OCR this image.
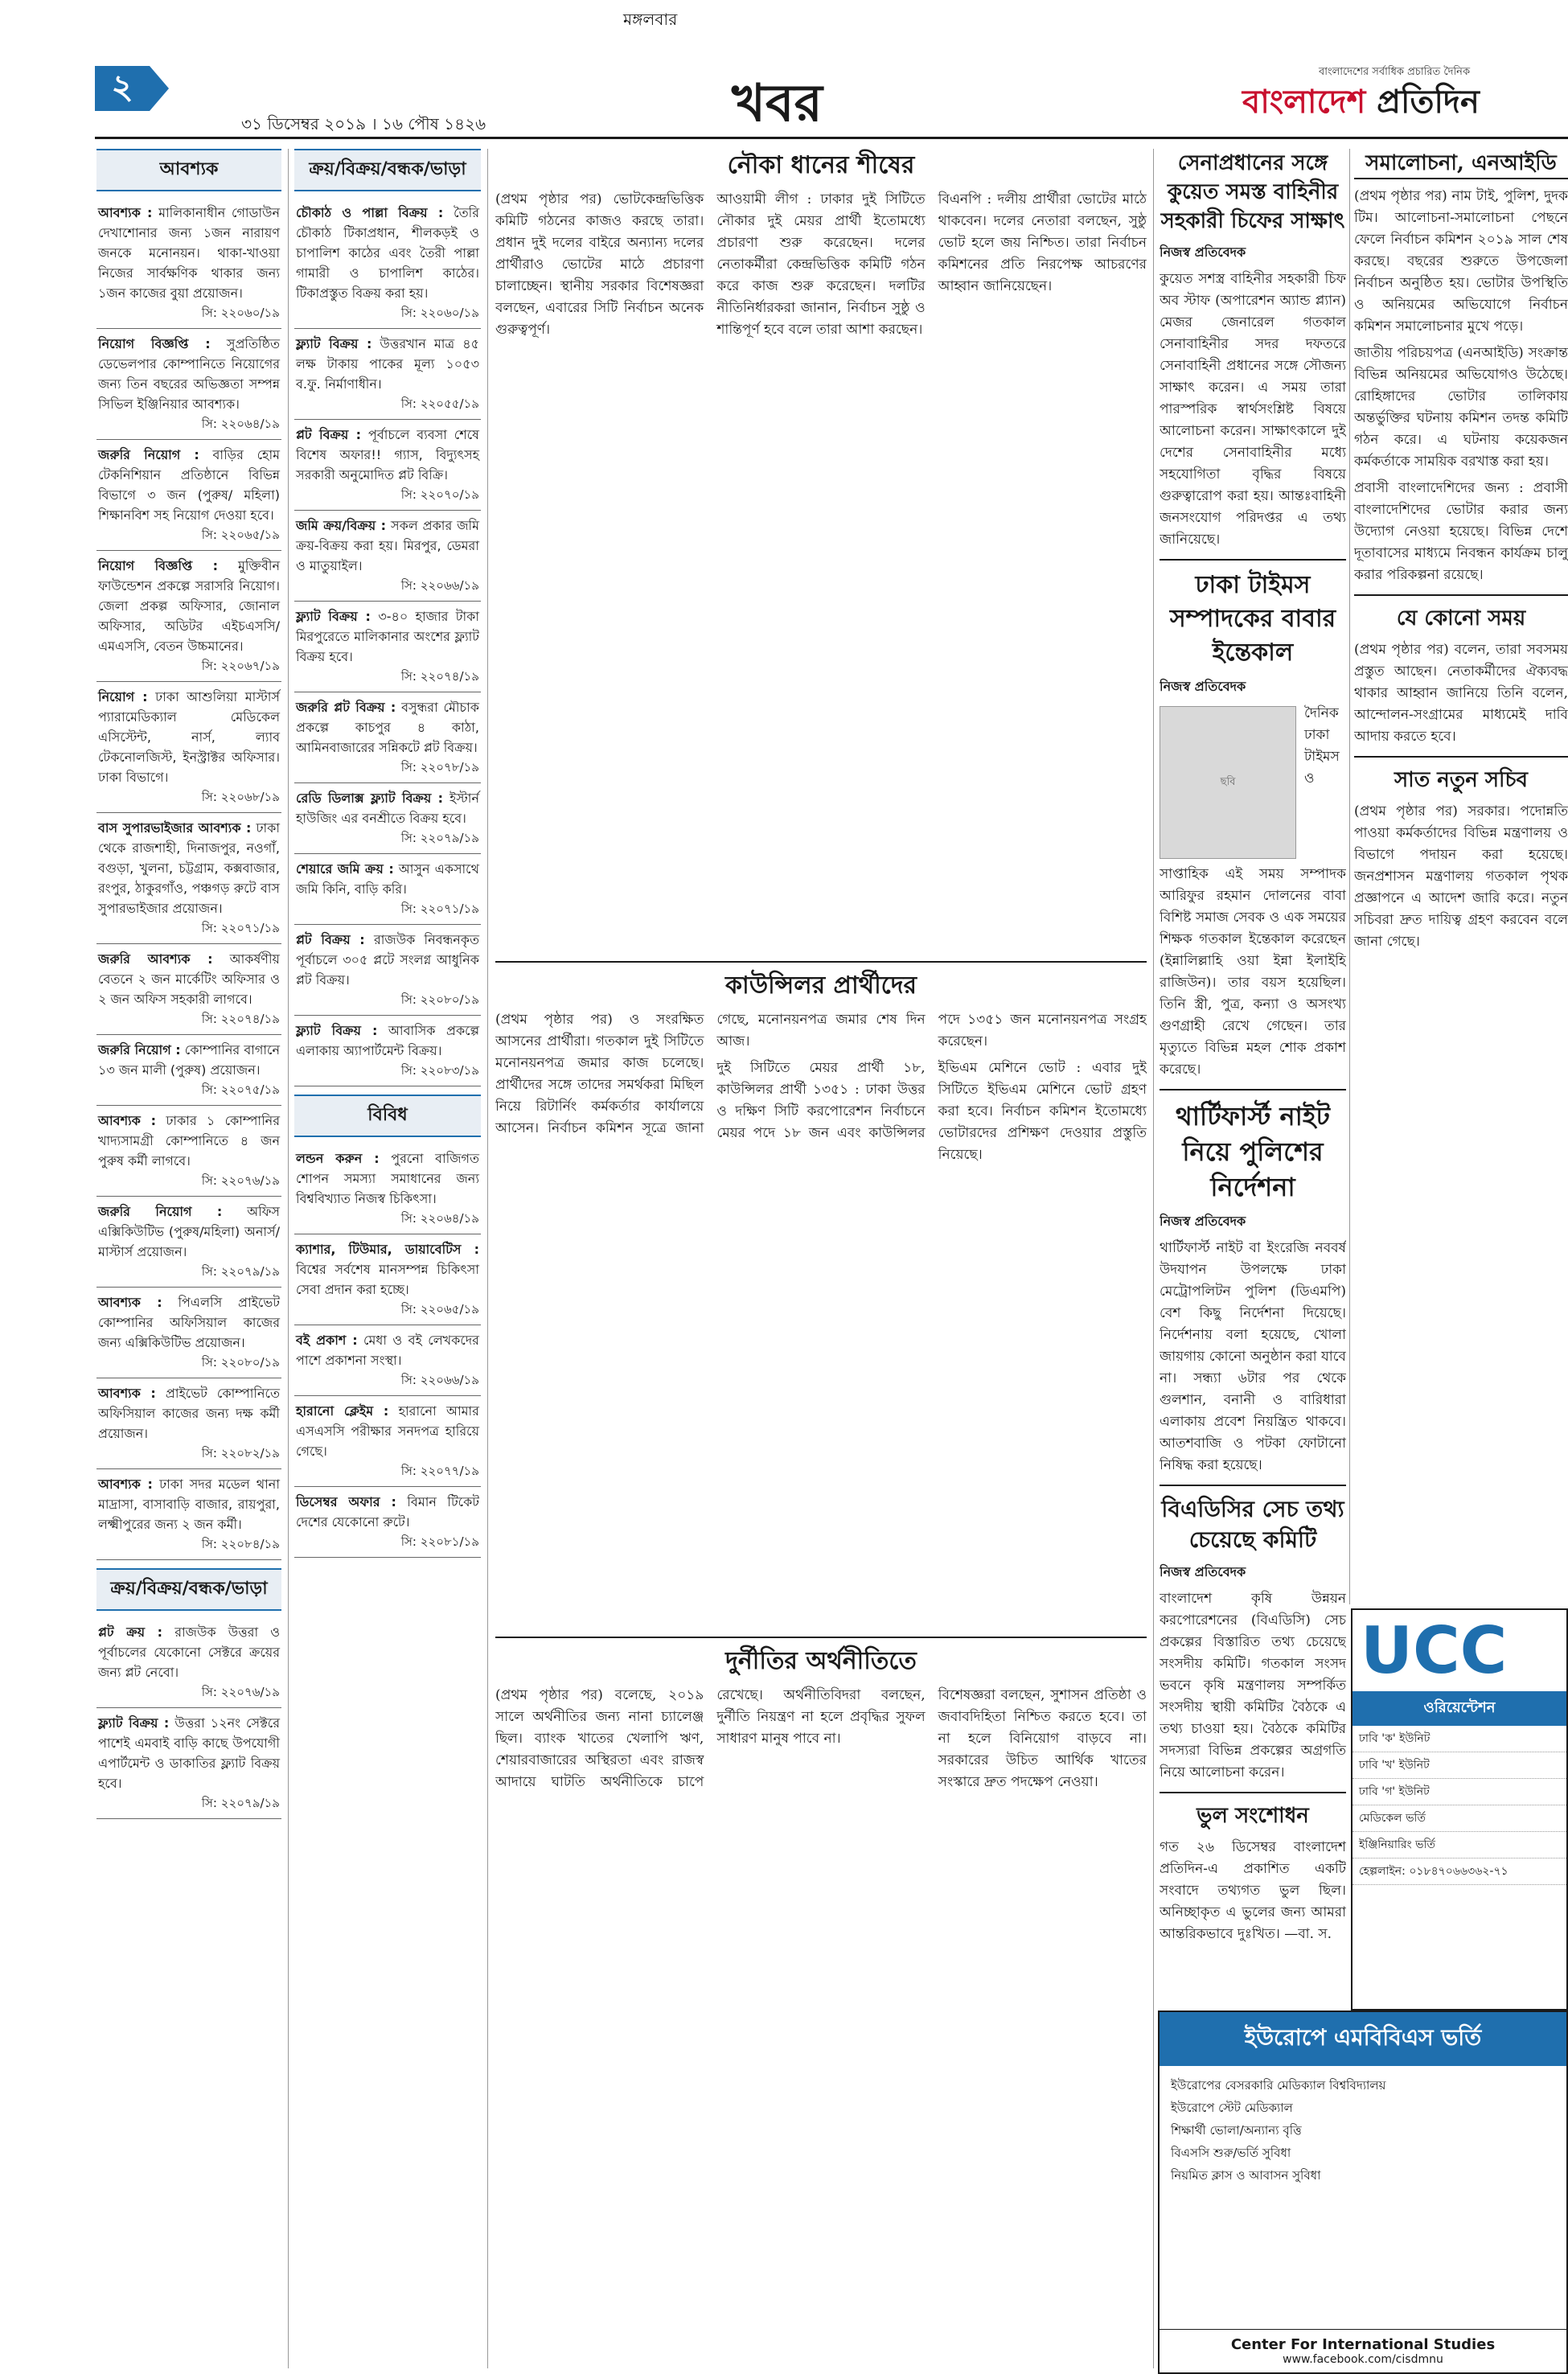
২
মঙ্গলবার
খবর
বাংলাদেশের সর্বাধিক প্রচারিত দৈনিক
বাংলাদেশ প্রতিদিন
৩১ ডিসেম্বর ২০১৯ । ১৬ পৌষ ১৪২৬
আবশ্যক
আবশ্যক : মালিকানাধীন গোডাউন দেখাশোনার জন্য ১জন নারায়ণ জনকে মনোনয়ন। থাকা-খাওয়া নিজের সার্বক্ষণিক থাকার জন্য ১জন কাজের বুয়া প্রয়োজন।
সি: ২২০৬০/১৯
নিয়োগ বিজ্ঞপ্তি : সুপ্রতিষ্ঠিত ডেভেলপার কোম্পানিতে নিয়োগের জন্য তিন বছরের অভিজ্ঞতা সম্পন্ন সিভিল ইঞ্জিনিয়ার আবশ্যক।
সি: ২২০৬৪/১৯
জরুরি নিয়োগ : বাড়ির হোম টেকনিশিয়ান প্রতিষ্ঠানে বিভিন্ন বিভাগে ৩ জন (পুরুষ/ মহিলা) শিক্ষানবিশ সহ নিয়োগ দেওয়া হবে।
সি: ২২০৬৫/১৯
নিয়োগ বিজ্ঞপ্তি : মুক্তিবীন ফাউন্ডেশন প্রকল্পে সরাসরি নিয়োগ। জেলা প্রকল্প অফিসার, জোনাল অফিসার, অডিটর এইচএসসি/এমএসসি, বেতন উচ্চমানের।
সি: ২২০৬৭/১৯
নিয়োগ : ঢাকা আশুলিয়া মাস্টার্স প্যারামেডিক্যাল মেডিকেল এসিস্টেন্ট, নার্স, ল্যাব টেকনোলজিস্ট, ইনস্ট্রাক্টর অফিসার। ঢাকা বিভাগে।
সি: ২২০৬৮/১৯
বাস সুপারভাইজার আবশ্যক : ঢাকা থেকে রাজশাহী, দিনাজপুর, নওগাঁ, বগুড়া, খুলনা, চট্টগ্রাম, কক্সবাজার, রংপুর, ঠাকুরগাঁও, পঞ্চগড় রুটে বাস সুপারভাইজার প্রয়োজন।
সি: ২২০৭১/১৯
জরুরি আবশ্যক : আকর্ষণীয় বেতনে ২ জন মার্কেটিং অফিসার ও ২ জন অফিস সহকারী লাগবে।
সি: ২২০৭৪/১৯
জরুরি নিয়োগ : কোম্পানির বাগানে ১৩ জন মালী (পুরুষ) প্রয়োজন।
সি: ২২০৭৫/১৯
আবশ্যক : ঢাকার ১ কোম্পানির খাদ্যসামগ্রী কোম্পানিতে ৪ জন পুরুষ কর্মী লাগবে।
সি: ২২০৭৬/১৯
জরুরি নিয়োগ : অফিস এক্সিকিউটিভ (পুরুষ/মহিলা) অনার্স/মাস্টার্স প্রয়োজন।
সি: ২২০৭৯/১৯
আবশ্যক : পিএলসি প্রাইভেট কোম্পানির অফিসিয়াল কাজের জন্য এক্সিকিউটিভ প্রয়োজন।
সি: ২২০৮০/১৯
আবশ্যক : প্রাইভেট কোম্পানিতে অফিসিয়াল কাজের জন্য দক্ষ কর্মী প্রয়োজন।
সি: ২২০৮২/১৯
আবশ্যক : ঢাকা সদর মডেল থানা মাদ্রাসা, বাসাবাড়ি বাজার, রায়পুরা, লক্ষ্মীপুরের জন্য ২ জন কর্মী।
সি: ২২০৮৪/১৯
ক্রয়/বিক্রয়/বন্ধক/ভাড়া
প্লট ক্রয় : রাজউক উত্তরা ও পূর্বাচলের যেকোনো সেক্টরে ক্রয়ের জন্য প্লট নেবো।
সি: ২২০৭৬/১৯
ফ্ল্যাট বিক্রয় : উত্তরা ১২নং সেক্টরে পাশেই এমবাই বাড়ি কাছে উপযোগী এপার্টমেন্ট ও ডাকাতির ফ্ল্যাট বিক্রয় হবে।
সি: ২২০৭৯/১৯
ক্রয়/বিক্রয়/বন্ধক/ভাড়া
চৌকাঠ ও পাল্লা বিক্রয় : তৈরি চৌকাঠ টিকাপ্রধান, শীলকড়ই ও চাপালিশ কাঠের এবং তৈরী পাল্লা গামারী ও চাপালিশ কাঠের। টিকাপ্রস্তুত বিক্রয় করা হয়।
সি: ২২০৬০/১৯
ফ্ল্যাট বিক্রয় : উত্তরখান মাত্র ৪৫ লক্ষ টাকায় পাকের মূল্য ১০৫৩ ব.ফু. নির্মাণাধীন।
সি: ২২০৫৫/১৯
প্লট বিক্রয় : পূর্বাচলে ব্যবসা শেষে বিশেষ অফার!! গ্যাস, বিদ্যুৎসহ সরকারী অনুমোদিত প্লট বিক্রি।
সি: ২২০৭০/১৯
জমি ক্রয়/বিক্রয় : সকল প্রকার জমি ক্রয়-বিক্রয় করা হয়। মিরপুর, ডেমরা ও মাতুয়াইল।
সি: ২২০৬৬/১৯
ফ্ল্যাট বিক্রয় : ৩-৪০ হাজার টাকা মিরপুরেতে মালিকানার অংশের ফ্ল্যাট বিক্রয় হবে।
সি: ২২০৭৪/১৯
জরুরি প্লট বিক্রয় : বসুন্ধরা মৌচাক প্রকল্পে কাচপুর ৪ কাঠা, আমিনবাজারের সন্নিকটে প্লট বিক্রয়।
সি: ২২০৭৮/১৯
রেডি ডিলাক্স ফ্ল্যাট বিক্রয় : ইস্টার্ন হাউজিং এর বনশ্রীতে বিক্রয় হবে।
সি: ২২০৭৯/১৯
শেয়ারে জমি ক্রয় : আসুন একসাথে জমি কিনি, বাড়ি করি।
সি: ২২০৭১/১৯
প্লট বিক্রয় : রাজউক নিবন্ধনকৃত পূর্বাচলে ৩০৫ প্লটে সংলগ্ন আধুনিক প্লট বিক্রয়।
সি: ২২০৮০/১৯
ফ্ল্যাট বিক্রয় : আবাসিক প্রকল্পে এলাকায় অ্যাপার্টমেন্ট বিক্রয়।
সি: ২২০৮৩/১৯
বিবিধ
লন্ডন করুন : পুরনো বাজিগত শোপন সমস্যা সমাধানের জন্য বিশ্ববিখ্যাত নিজস্ব চিকিৎসা।
সি: ২২০৬৪/১৯
ক্যাশার, টিউমার, ডায়াবেটিস : বিশ্বের সর্বশেষ মানসম্পন্ন চিকিৎসা সেবা প্রদান করা হচ্ছে।
সি: ২২০৬৫/১৯
বই প্রকাশ : মেধা ও বই লেখকদের পাশে প্রকাশনা সংস্থা।
সি: ২২০৬৬/১৯
হারানো ক্লেইম : হারানো আমার এসএসসি পরীক্ষার সনদপত্র হারিয়ে গেছে।
সি: ২২০৭৭/১৯
ডিসেম্বর অফার : বিমান টিকেট দেশের যেকোনো রুটে।
সি: ২২০৮১/১৯
নৌকা ধানের শীষের

(প্রথম পৃষ্ঠার পর) ভোটকেন্দ্রভিত্তিক কমিটি গঠনের কাজও করছে তারা। প্রধান দুই দলের বাইরে অন্যান্য দলের প্রার্থীরাও ভোটের মাঠে প্রচারণা চালাচ্ছেন। স্থানীয় সরকার বিশেষজ্ঞরা বলছেন, এবারের সিটি নির্বাচন অনেক গুরুত্বপূর্ণ।

আওয়ামী লীগ : ঢাকার দুই সিটিতে নৌকার দুই মেয়র প্রার্থী ইতোমধ্যে প্রচারণা শুরু করেছেন। দলের নেতাকর্মীরা কেন্দ্রভিত্তিক কমিটি গঠন করে কাজ শুরু করেছেন। দলটির নীতিনির্ধারকরা জানান, নির্বাচন সুষ্ঠু ও শান্তিপূর্ণ হবে বলে তারা আশা করছেন।

বিএনপি : দলীয় প্রার্থীরা ভোটের মাঠে থাকবেন। দলের নেতারা বলছেন, সুষ্ঠু ভোট হলে জয় নিশ্চিত। তারা নির্বাচন কমিশনের প্রতি নিরপেক্ষ আচরণের আহ্বান জানিয়েছেন।

কাউন্সিলর প্রার্থীদের

(প্রথম পৃষ্ঠার পর) ও সংরক্ষিত আসনের প্রার্থীরা। গতকাল দুই সিটিতে মনোনয়নপত্র জমার কাজ চলেছে। প্রার্থীদের সঙ্গে তাদের সমর্থকরা মিছিল নিয়ে রিটার্নিং কর্মকর্তার কার্যালয়ে আসেন। নির্বাচন কমিশন সূত্রে জানা গেছে, মনোনয়নপত্র জমার শেষ দিন আজ।

দুই সিটিতে মেয়র প্রার্থী ১৮, কাউন্সিলর প্রার্থী ১৩৫১ : ঢাকা উত্তর ও দক্ষিণ সিটি করপোরেশন নির্বাচনে মেয়র পদে ১৮ জন এবং কাউন্সিলর পদে ১৩৫১ জন মনোনয়নপত্র সংগ্রহ করেছেন।

ইভিএম মেশিনে ভোট : এবার দুই সিটিতে ইভিএম মেশিনে ভোট গ্রহণ করা হবে। নির্বাচন কমিশন ইতোমধ্যে ভোটারদের প্রশিক্ষণ দেওয়ার প্রস্তুতি নিয়েছে।

দুর্নীতির অর্থনীতিতে

(প্রথম পৃষ্ঠার পর) বলেছে, ২০১৯ সালে অর্থনীতির জন্য নানা চ্যালেঞ্জ ছিল। ব্যাংক খাতের খেলাপি ঋণ, শেয়ারবাজারের অস্থিরতা এবং রাজস্ব আদায়ে ঘাটতি অর্থনীতিকে চাপে রেখেছে। অর্থনীতিবিদরা বলছেন, দুর্নীতি নিয়ন্ত্রণ না হলে প্রবৃদ্ধির সুফল সাধারণ মানুষ পাবে না।

বিশেষজ্ঞরা বলছেন, সুশাসন প্রতিষ্ঠা ও জবাবদিহিতা নিশ্চিত করতে হবে। তা না হলে বিনিয়োগ বাড়বে না। সরকারের উচিত আর্থিক খাতের সংস্কারে দ্রুত পদক্ষেপ নেওয়া।

সেনাপ্রধানের সঙ্গে কুয়েত সমস্ত বাহিনীর সহকারী চিফের সাক্ষাৎ
নিজস্ব প্রতিবেদক

কুয়েত সশস্ত্র বাহিনীর সহকারী চিফ অব স্টাফ (অপারেশন অ্যান্ড প্ল্যান) মেজর জেনারেল গতকাল সেনাবাহিনীর সদর দফতরে সেনাবাহিনী প্রধানের সঙ্গে সৌজন্য সাক্ষাৎ করেন। এ সময় তারা পারস্পরিক স্বার্থসংশ্লিষ্ট বিষয়ে আলোচনা করেন। সাক্ষাৎকালে দুই দেশের সেনাবাহিনীর মধ্যে সহযোগিতা বৃদ্ধির বিষয়ে গুরুত্বারোপ করা হয়। আন্তঃবাহিনী জনসংযোগ পরিদপ্তর এ তথ্য জানিয়েছে।

ঢাকা টাইমস সম্পাদকের বাবার ইন্তেকাল
নিজস্ব প্রতিবেদক
ছবি

দৈনিক ঢাকা টাইমস ও সাপ্তাহিক এই সময় সম্পাদক আরিফুর রহমান দোলনের বাবা বিশিষ্ট সমাজ সেবক ও এক সময়ের শিক্ষক গতকাল ইন্তেকাল করেছেন (ইন্নালিল্লাহি ওয়া ইন্না ইলাইহি রাজিউন)। তার বয়স হয়েছিল। তিনি স্ত্রী, পুত্র, কন্যা ও অসংখ্য গুণগ্রাহী রেখে গেছেন। তার মৃত্যুতে বিভিন্ন মহল শোক প্রকাশ করেছে।

থার্টিফার্স্ট নাইট নিয়ে পুলিশের নির্দেশনা
নিজস্ব প্রতিবেদক

থার্টিফার্স্ট নাইট বা ইংরেজি নববর্ষ উদযাপন উপলক্ষে ঢাকা মেট্রোপলিটন পুলিশ (ডিএমপি) বেশ কিছু নির্দেশনা দিয়েছে। নির্দেশনায় বলা হয়েছে, খোলা জায়গায় কোনো অনুষ্ঠান করা যাবে না। সন্ধ্যা ৬টার পর থেকে গুলশান, বনানী ও বারিধারা এলাকায় প্রবেশ নিয়ন্ত্রিত থাকবে। আতশবাজি ও পটকা ফোটানো নিষিদ্ধ করা হয়েছে।

বিএডিসির সেচ তথ্য চেয়েছে কমিটি
নিজস্ব প্রতিবেদক

বাংলাদেশ কৃষি উন্নয়ন করপোরেশনের (বিএডিসি) সেচ প্রকল্পের বিস্তারিত তথ্য চেয়েছে সংসদীয় কমিটি। গতকাল সংসদ ভবনে কৃষি মন্ত্রণালয় সম্পর্কিত সংসদীয় স্থায়ী কমিটির বৈঠকে এ তথ্য চাওয়া হয়। বৈঠকে কমিটির সদস্যরা বিভিন্ন প্রকল্পের অগ্রগতি নিয়ে আলোচনা করেন।

ভুল সংশোধন

গত ২৬ ডিসেম্বর বাংলাদেশ প্রতিদিন-এ প্রকাশিত একটি সংবাদে তথ্যগত ভুল ছিল। অনিচ্ছাকৃত এ ভুলের জন্য আমরা আন্তরিকভাবে দুঃখিত। —বা. স.

সমালোচনা, এনআইডি

(প্রথম পৃষ্ঠার পর) নাম টাই, পুলিশ, দুদক টিম। আলোচনা-সমালোচনা পেছনে ফেলে নির্বাচন কমিশন ২০১৯ সাল শেষ করছে। বছরের শুরুতে উপজেলা নির্বাচন অনুষ্ঠিত হয়। ভোটার উপস্থিতি ও অনিয়মের অভিযোগে নির্বাচন কমিশন সমালোচনার মুখে পড়ে।

জাতীয় পরিচয়পত্র (এনআইডি) সংক্রান্ত বিভিন্ন অনিয়মের অভিযোগও উঠেছে। রোহিঙ্গাদের ভোটার তালিকায় অন্তর্ভুক্তির ঘটনায় কমিশন তদন্ত কমিটি গঠন করে। এ ঘটনায় কয়েকজন কর্মকর্তাকে সাময়িক বরখাস্ত করা হয়।

প্রবাসী বাংলাদেশিদের জন্য : প্রবাসী বাংলাদেশিদের ভোটার করার জন্য উদ্যোগ নেওয়া হয়েছে। বিভিন্ন দেশে দূতাবাসের মাধ্যমে নিবন্ধন কার্যক্রম চালু করার পরিকল্পনা রয়েছে।

যে কোনো সময়

(প্রথম পৃষ্ঠার পর) বলেন, তারা সবসময় প্রস্তুত আছেন। নেতাকর্মীদের ঐক্যবদ্ধ থাকার আহ্বান জানিয়ে তিনি বলেন, আন্দোলন-সংগ্রামের মাধ্যমেই দাবি আদায় করতে হবে।

সাত নতুন সচিব

(প্রথম পৃষ্ঠার পর) সরকার। পদোন্নতি পাওয়া কর্মকর্তাদের বিভিন্ন মন্ত্রণালয় ও বিভাগে পদায়ন করা হয়েছে। জনপ্রশাসন মন্ত্রণালয় গতকাল পৃথক প্রজ্ঞাপনে এ আদেশ জারি করে। নতুন সচিবরা দ্রুত দায়িত্ব গ্রহণ করবেন বলে জানা গেছে।

UCC
ওরিয়েন্টেশন
ঢাবি 'ক' ইউনিট
ঢাবি 'খ' ইউনিট
ঢাবি 'গ' ইউনিট
মেডিকেল ভর্তি
ইঞ্জিনিয়ারিং ভর্তি
হেল্পলাইন: ০১৮৪৭০৬৬৩৬২-৭১
ইউরোপে এমবিবিএস ভর্তি
ইউরোপের বেসরকারি মেডিক্যাল বিশ্ববিদ্যালয়
ইউরোপে স্টেট মেডিক্যাল
শিক্ষার্থী ভোলা/অন্যান্য বৃত্তি
বিএসসি শুরু/ভর্তি সুবিধা
নিয়মিত ক্লাস ও আবাসন সুবিধা
Center For International Studies
www.facebook.com/cisdmnu
